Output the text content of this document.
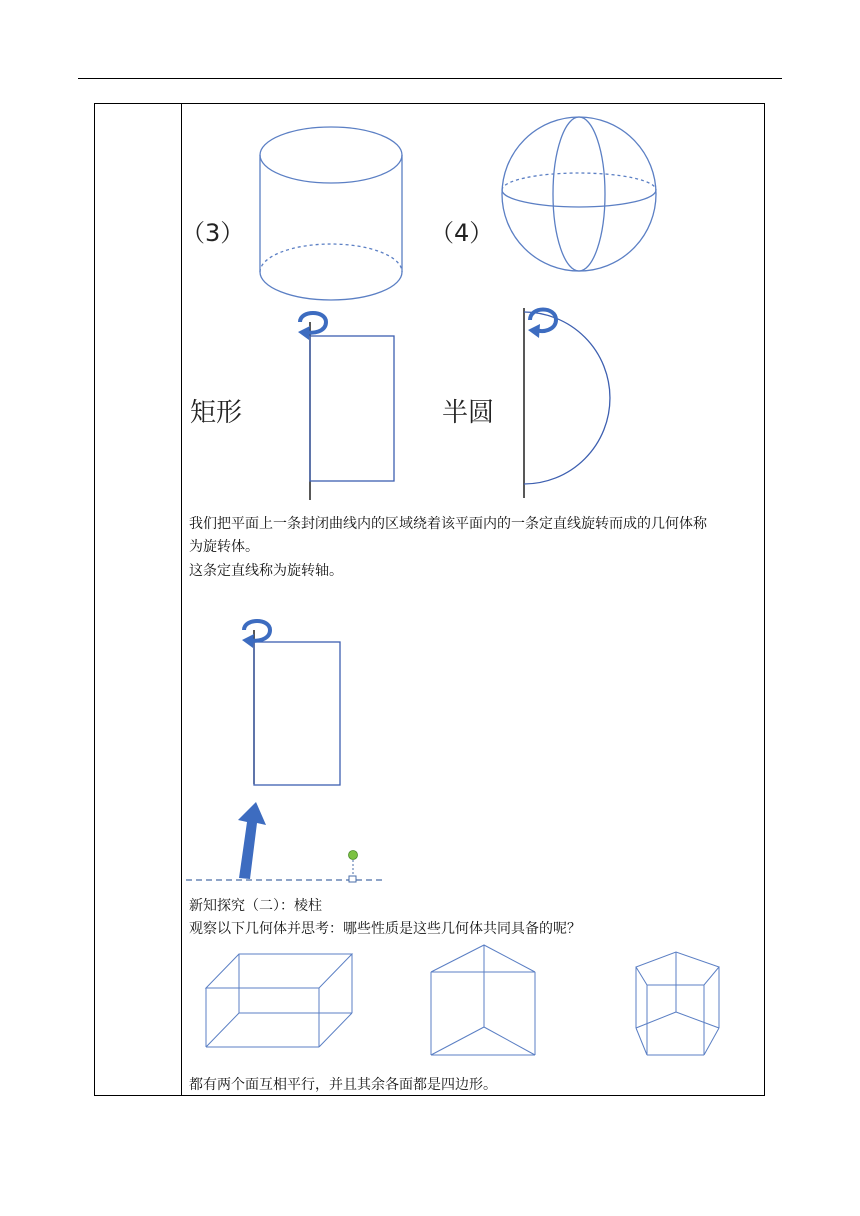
（3）	（4）
矩形	半圆
我们把平面上一条封闭曲线内的区域绕着该平面内的一条定直线旋转而成的几何体称
为旋转体。
这条定直线称为旋转轴。
新知探究（二）：棱柱
观察以下几何体并思考：哪些性质是这些几何体共同具备的呢？
都有两个面互相平行，并且其余各面都是四边形。
